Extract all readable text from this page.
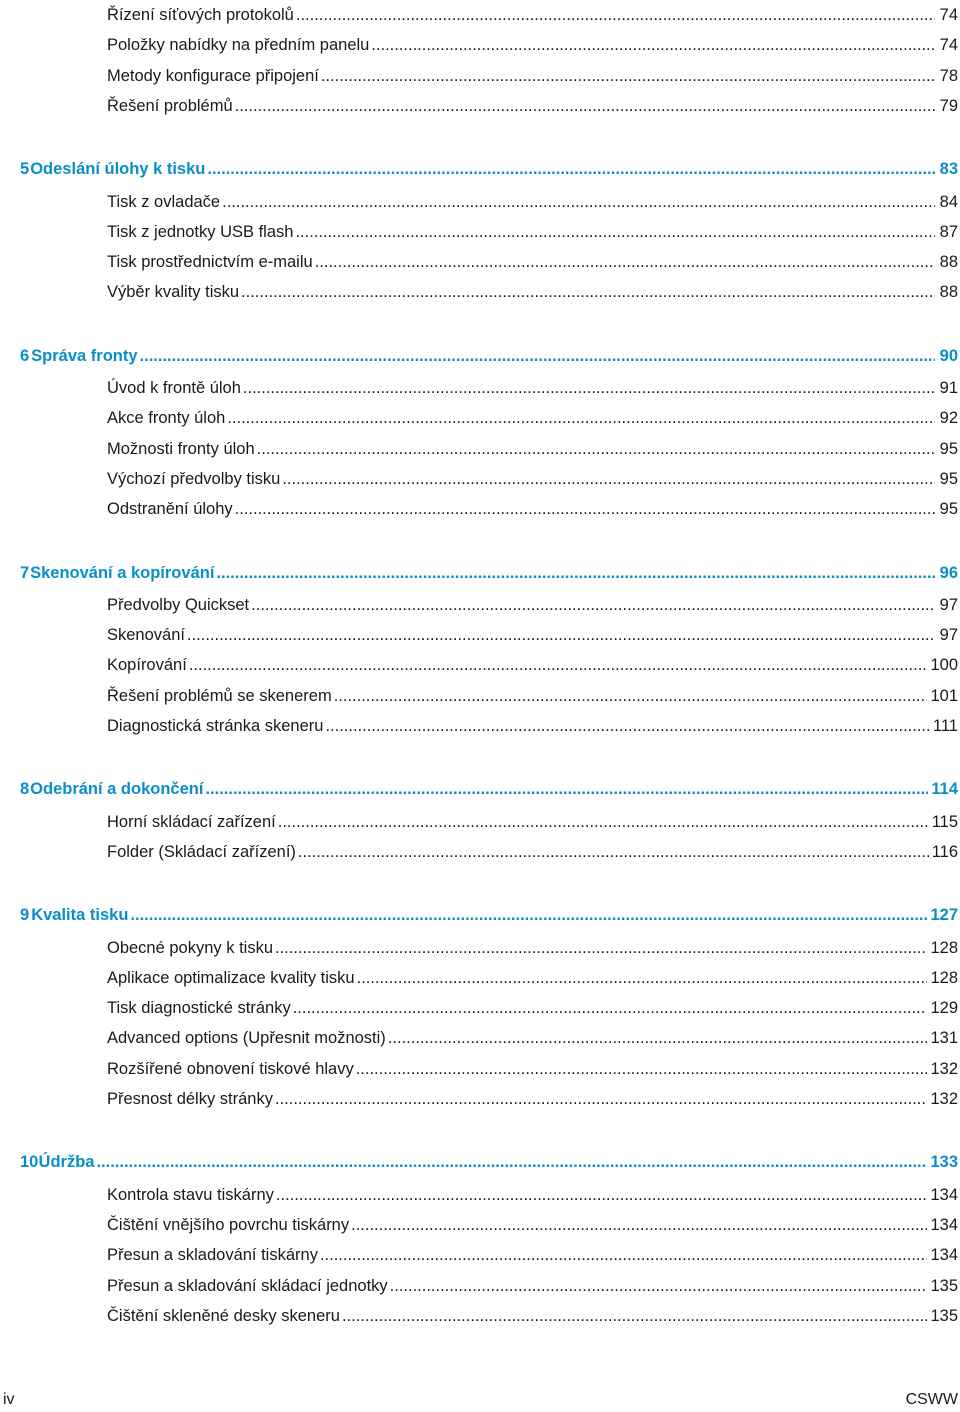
Řízení síťových protokolů .....	74
Položky nabídky na předním panelu .....	74
Metody konfigurace připojení .....	78
Řešení problémů .....	79
5 Odeslání úlohy k tisku .....	83
Tisk z ovladače .....	84
Tisk z jednotky USB flash .....	87
Tisk prostřednictvím e-mailu .....	88
Výběr kvality tisku .....	88
6 Správa fronty .....	90
Úvod k frontě úloh .....	91
Akce fronty úloh .....	92
Možnosti fronty úloh .....	95
Výchozí předvolby tisku .....	95
Odstranění úlohy .....	95
7 Skenování a kopírování .....	96
Předvolby Quickset .....	97
Skenování .....	97
Kopírování .....	100
Řešení problémů se skenerem .....	101
Diagnostická stránka skeneru .....	111
8 Odebrání a dokončení .....	114
Horní skládací zařízení .....	115
Folder (Skládací zařízení) .....	116
9 Kvalita tisku .....	127
Obecné pokyny k tisku .....	128
Aplikace optimalizace kvality tisku .....	128
Tisk diagnostické stránky .....	129
Advanced options (Upřesnit možnosti) .....	131
Rozšířené obnovení tiskové hlavy .....	132
Přesnost délky stránky .....	132
10 Údržba .....	133
Kontrola stavu tiskárny .....	134
Čištění vnějšího povrchu tiskárny .....	134
Přesun a skladování tiskárny .....	134
Přesun a skladování skládací jednotky .....	135
Čištění skleněné desky skeneru .....	135
iv	CSWW
